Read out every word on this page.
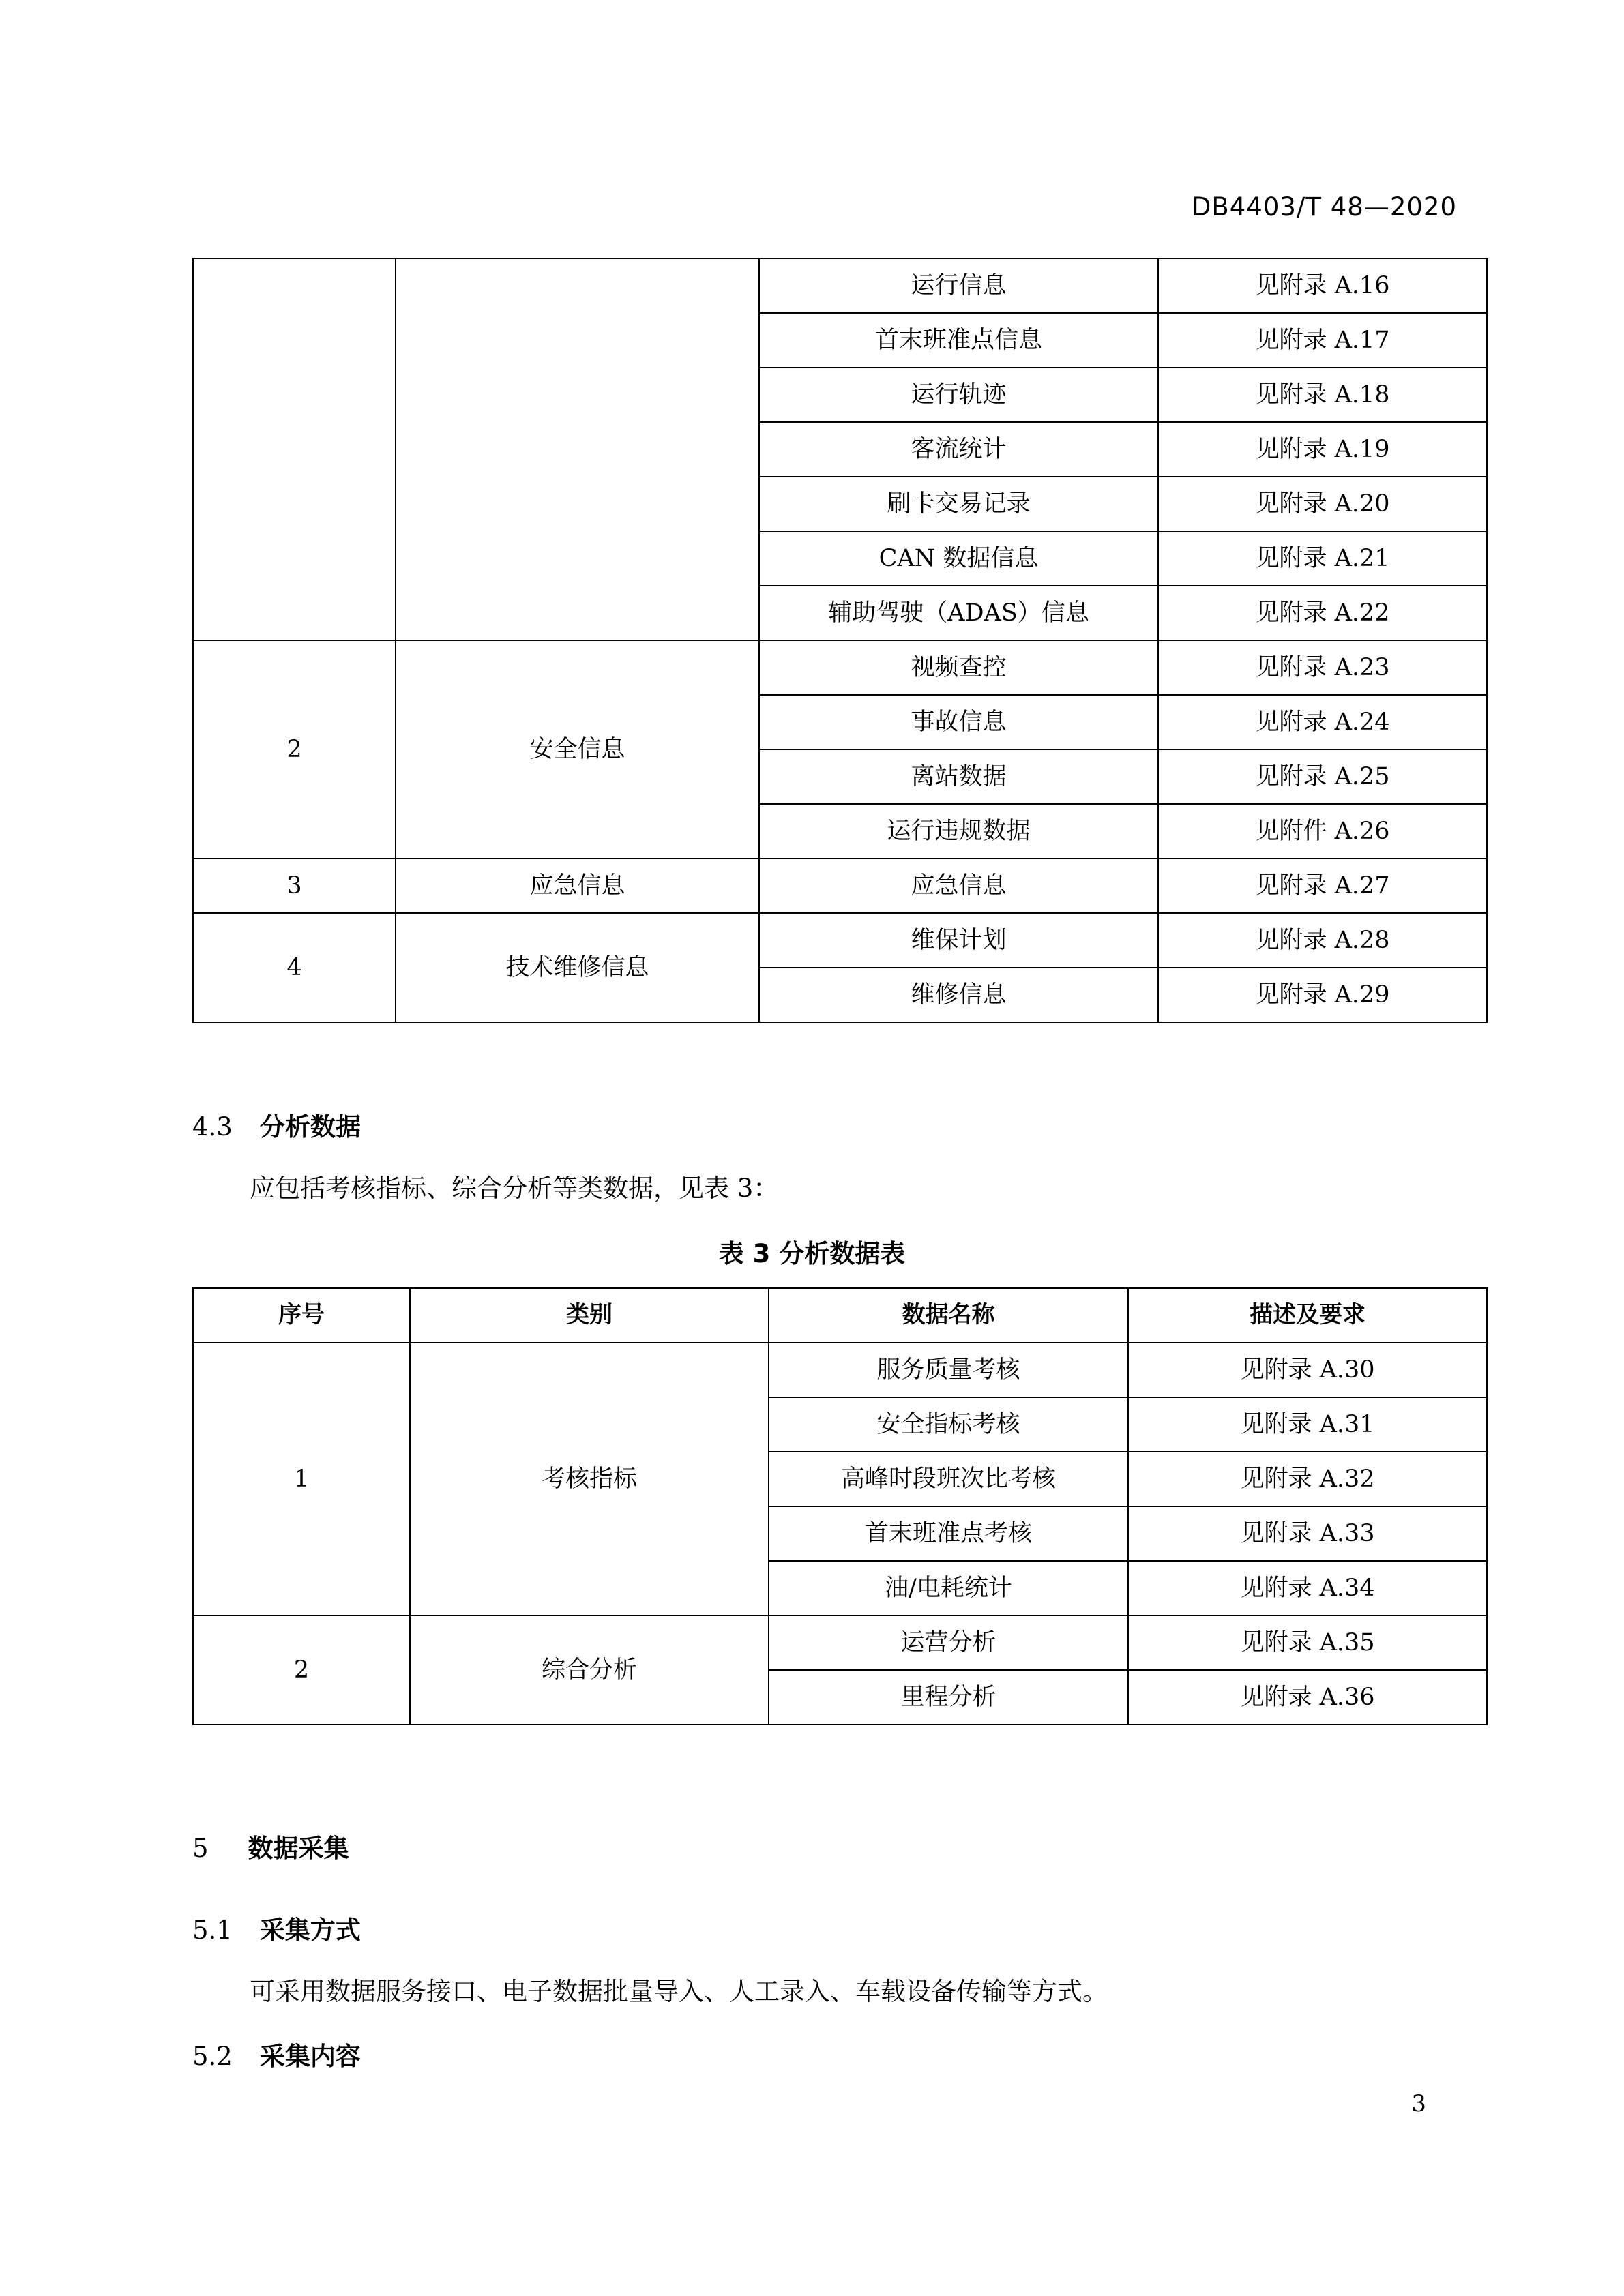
DB4403/T 48—2020
		运行信息	见附录 A.16
		首末班准点信息	见附录 A.17
		运行轨迹	见附录 A.18
		客流统计	见附录 A.19
		刷卡交易记录	见附录 A.20
		CAN 数据信息	见附录 A.21
		辅助驾驶（ADAS）信息	见附录 A.22
2	安全信息	视频查控	见附录 A.23
		事故信息	见附录 A.24
		离站数据	见附录 A.25
		运行违规数据	见附件 A.26
3	应急信息	应急信息	见附录 A.27
4	技术维修信息	维保计划	见附录 A.28
		维修信息	见附录 A.29
4.3 分析数据
应包括考核指标、综合分析等类数据，见表 3：
表 3 分析数据表
序号	类别	数据名称	描述及要求
1	考核指标	服务质量考核	见附录 A.30
		安全指标考核	见附录 A.31
		高峰时段班次比考核	见附录 A.32
		首末班准点考核	见附录 A.33
		油/电耗统计	见附录 A.34
2	综合分析	运营分析	见附录 A.35
		里程分析	见附录 A.36
5 数据采集
5.1 采集方式
可采用数据服务接口、电子数据批量导入、人工录入、车载设备传输等方式。
5.2 采集内容
3
